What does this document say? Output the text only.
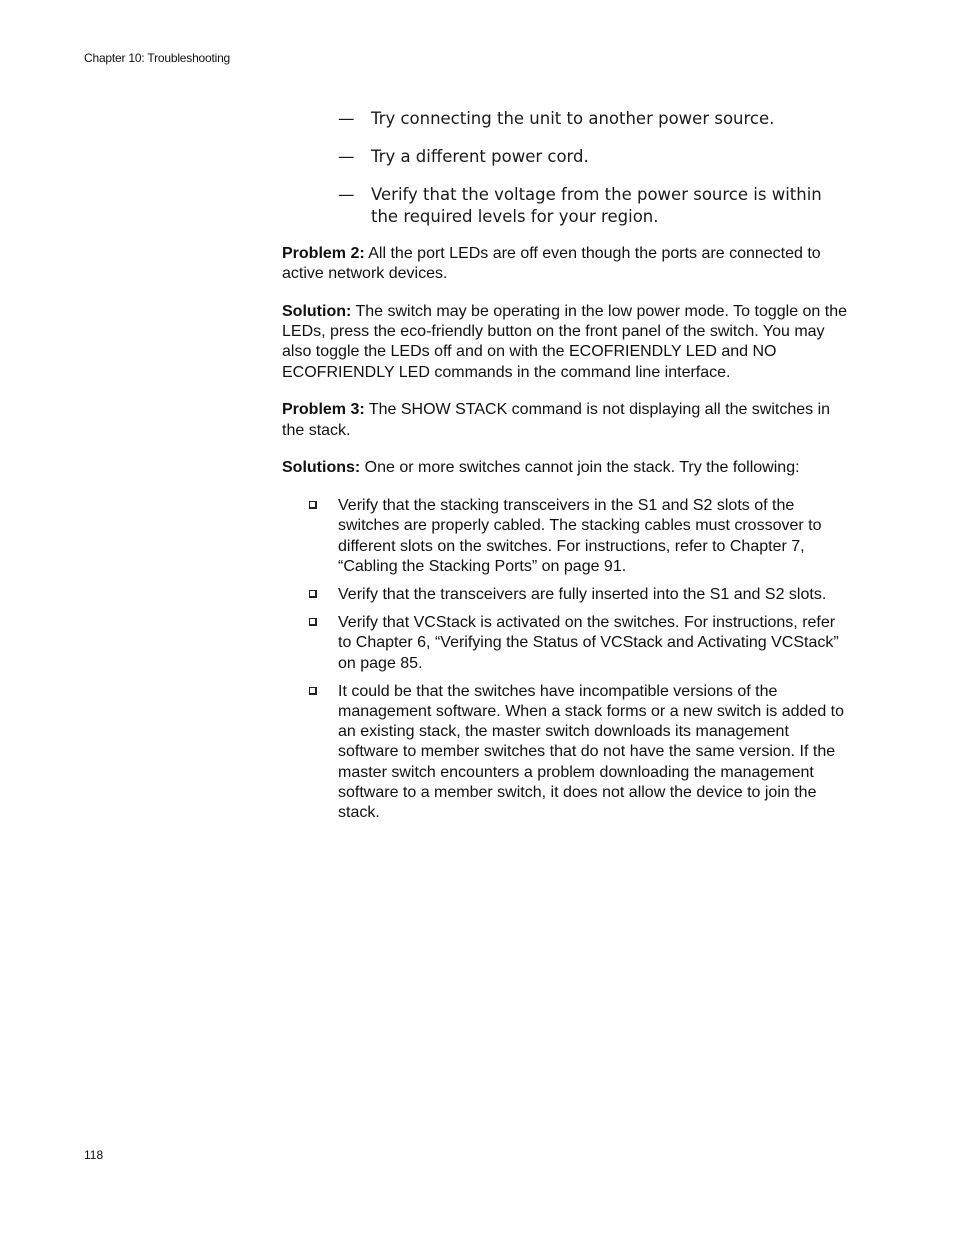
Chapter 10: Troubleshooting
— Try connecting the unit to another power source.
— Try a different power cord.
— Verify that the voltage from the power source is within the required levels for your region.

Problem 2: All the port LEDs are off even though the ports are connected to active network devices.

Solution: The switch may be operating in the low power mode. To toggle on the LEDs, press the eco-friendly button on the front panel of the switch. You may also toggle the LEDs off and on with the ECOFRIENDLY LED and NO ECOFRIENDLY LED commands in the command line interface.

Problem 3: The SHOW STACK command is not displaying all the switches in the stack.

Solutions: One or more switches cannot join the stack. Try the following:

Verify that the stacking transceivers in the S1 and S2 slots of the switches are properly cabled. The stacking cables must crossover to different slots on the switches. For instructions, refer to Chapter 7, “Cabling the Stacking Ports” on page 91.
Verify that the transceivers are fully inserted into the S1 and S2 slots.
Verify that VCStack is activated on the switches. For instructions, refer to Chapter 6, “Verifying the Status of VCStack and Activating VCStack” on page 85.
It could be that the switches have incompatible versions of the management software. When a stack forms or a new switch is added to an existing stack, the master switch downloads its management software to member switches that do not have the same version. If the master switch encounters a problem downloading the management software to a member switch, it does not allow the device to join the stack.
118
